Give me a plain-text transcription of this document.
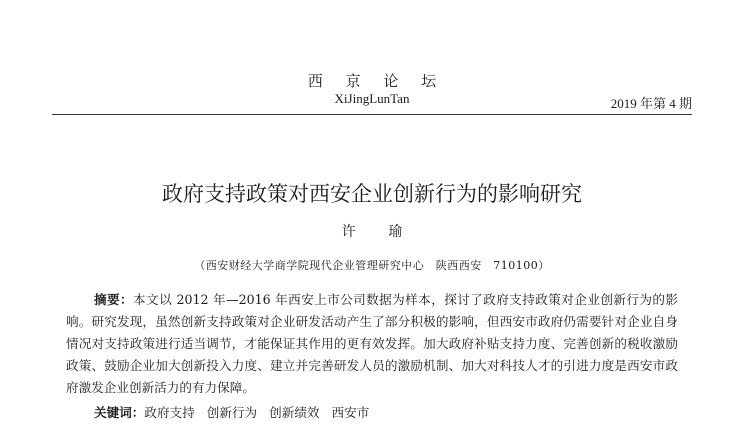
西 京 论 坛
XiJingLunTan	2019 年第 4 期
政府支持政策对西安企业创新行为的影响研究
许 瑜
（西安财经大学商学院现代企业管理研究中心　陕西西安　710100）
摘要：本文以 2012 年—2016 年西安上市公司数据为样本，探讨了政府支持政策对企业创新行为的影响。研究发现，虽然创新支持政策对企业研发活动产生了部分积极的影响，但西安市政府仍需要针对企业自身情况对支持政策进行适当调节，才能保证其作用的更有效发挥。加大政府补贴支持力度、完善创新的税收激励政策、鼓励企业加大创新投入力度、建立并完善研发人员的激励机制、加大对科技人才的引进力度是西安市政府激发企业创新活力的有力保障。
关键词：政府支持 创新行为 创新绩效 西安市
